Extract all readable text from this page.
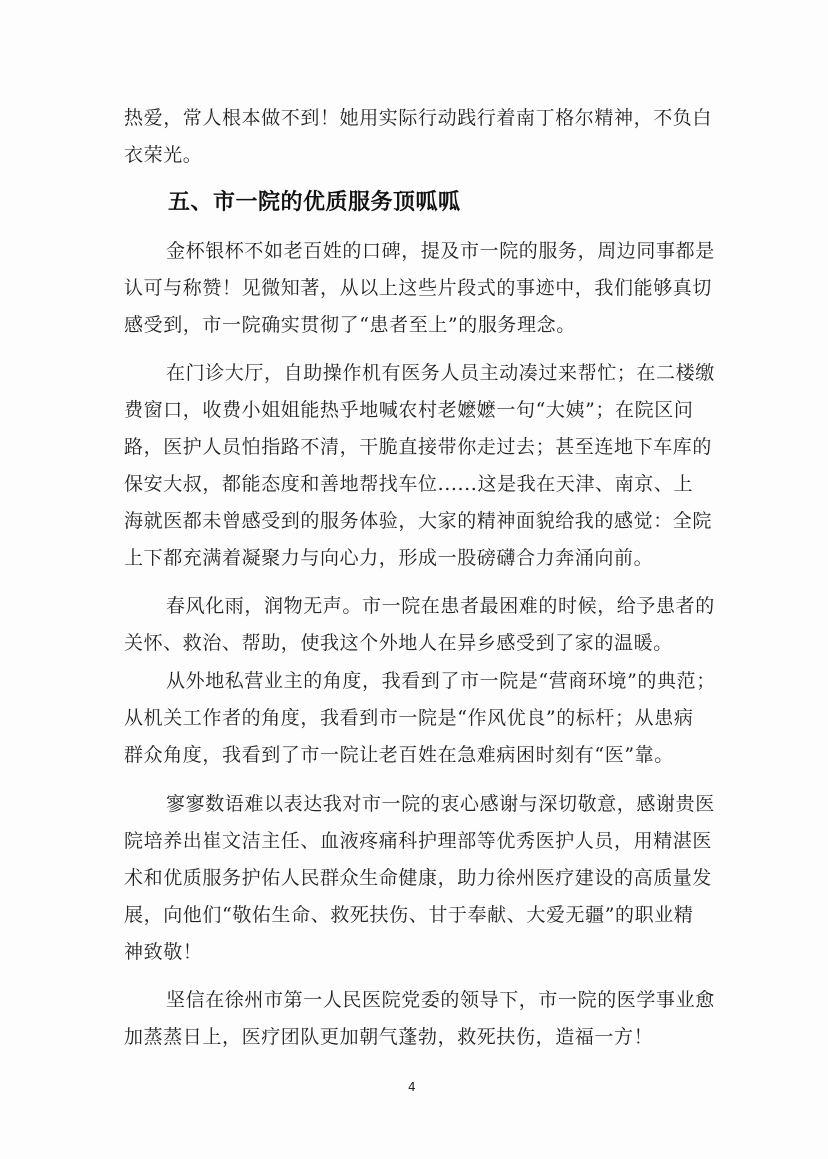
热爱，常人根本做不到！她用实际行动践行着南丁格尔精神，不负白
衣荣光。
五、市一院的优质服务顶呱呱
金杯银杯不如老百姓的口碑，提及市一院的服务，周边同事都是
认可与称赞！见微知著，从以上这些片段式的事迹中，我们能够真切
感受到，市一院确实贯彻了“患者至上”的服务理念。
在门诊大厅，自助操作机有医务人员主动凑过来帮忙；在二楼缴
费窗口，收费小姐姐能热乎地喊农村老嬷嬷一句“大姨”；在院区问
路，医护人员怕指路不清，干脆直接带你走过去；甚至连地下车库的
保安大叔，都能态度和善地帮找车位......这是我在天津、南京、上
海就医都未曾感受到的服务体验，大家的精神面貌给我的感觉：全院
上下都充满着凝聚力与向心力，形成一股磅礴合力奔涌向前。
春风化雨，润物无声。市一院在患者最困难的时候，给予患者的
关怀、救治、帮助，使我这个外地人在异乡感受到了家的温暖。
从外地私营业主的角度，我看到了市一院是“营商环境”的典范；
从机关工作者的角度，我看到市一院是“作风优良”的标杆；从患病
群众角度，我看到了市一院让老百姓在急难病困时刻有“医”靠。
寥寥数语难以表达我对市一院的衷心感谢与深切敬意，感谢贵医
院培养出崔文洁主任、血液疼痛科护理部等优秀医护人员，用精湛医
术和优质服务护佑人民群众生命健康，助力徐州医疗建设的高质量发
展，向他们“敬佑生命、救死扶伤、甘于奉献、大爱无疆”的职业精
神致敬！
坚信在徐州市第一人民医院党委的领导下，市一院的医学事业愈
加蒸蒸日上，医疗团队更加朝气蓬勃，救死扶伤，造福一方！
4
